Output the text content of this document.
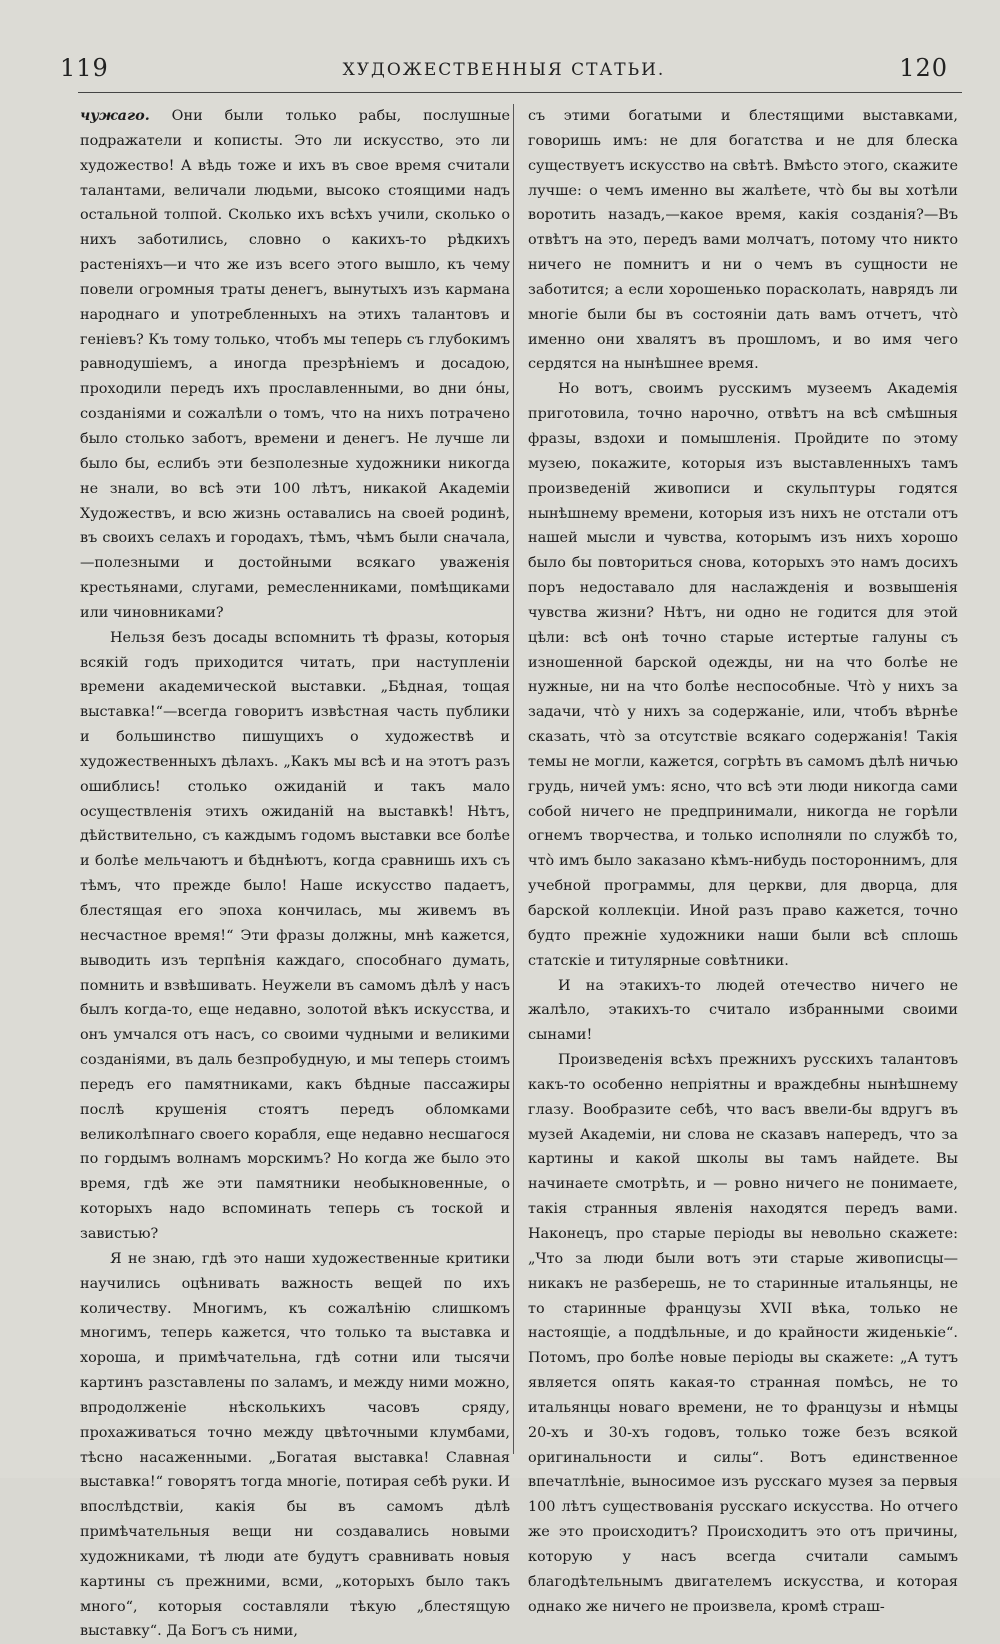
119	ХУДОЖЕСТВЕННЫЯ СТАТЬИ.	120

чужаго. Они были только рабы, послушные подражатели и кописты. Это ли искусство, это ли художество! А вѣдь тоже и ихъ въ свое время считали талантами, величали людьми, высоко стоящими надъ остальной толпой. Сколько ихъ всѣхъ учили, сколько о нихъ заботились, словно о какихъ-то рѣдкихъ растеніяхъ—и что же изъ всего этого вышло, къ чему повели огромныя траты денегъ, вынутыхъ изъ кармана народнаго и употребленныхъ на этихъ талантовъ и геніевъ? Къ тому только, чтобъ мы теперь съ глубокимъ равнодушіемъ, а иногда презрѣніемъ и досадою, проходили передъ ихъ прославленными, во дни óны, созданіями и сожалѣли о томъ, что на нихъ потрачено было столько заботъ, времени и денегъ. Не лучше ли было бы, еслибъ эти безполезные художники никогда не знали, во всѣ эти 100 лѣтъ, никакой Академіи Художествъ, и всю жизнь оставались на своей родинѣ, въ своихъ селахъ и городахъ, тѣмъ, чѣмъ были сначала,—полезными и достойными всякаго уваженія крестьянами, слугами, ремесленниками, помѣщиками или чиновниками?

Нельзя безъ досады вспомнить тѣ фразы, которыя всякій годъ приходится читать, при наступленіи времени академической выставки. „Бѣдная, тощая выставка!“—всегда говоритъ извѣстная часть публики и большинство пишущихъ о художествѣ и художественныхъ дѣлахъ. „Какъ мы всѣ и на этотъ разъ ошиблись! столько ожиданій и такъ мало осуществленія этихъ ожиданій на выставкѣ! Нѣтъ, дѣйствительно, съ каждымъ годомъ выставки все болѣе и болѣе мельчаютъ и бѣднѣютъ, когда сравнишь ихъ съ тѣмъ, что прежде было! Наше искусство падаетъ, блестящая его эпоха кончилась, мы живемъ въ несчастное время!“ Эти фразы должны, мнѣ кажется, выводить изъ терпѣнія каждаго, способнаго думать, помнить и взвѣшивать. Неужели въ самомъ дѣлѣ у насъ былъ когда-то, еще недавно, золотой вѣкъ искусства, и онъ умчался отъ насъ, со своими чудными и великими созданіями, въ даль безпробудную, и мы теперь стоимъ передъ его памятниками, какъ бѣдные пассажиры послѣ крушенія стоятъ передъ обломками великолѣпнаго своего корабля, еще недавно несшагося по гордымъ волнамъ морскимъ? Но когда же было это время, гдѣ же эти памятники необыкновенные, о которыхъ надо вспоминать теперь съ тоской и завистью?

Я не знаю, гдѣ это наши художественные критики научились оцѣнивать важность вещей по ихъ количеству. Многимъ, къ сожалѣнію слишкомъ многимъ, теперь кажется, что только та выставка и хороша, и примѣчательна, гдѣ сотни или тысячи картинъ разставлены по заламъ, и между ними можно, впродолженіе нѣсколькихъ часовъ сряду, прохаживаться точно между цвѣточными клумбами, тѣсно насаженными. „Богатая выставка! Славная выставка!“ говорятъ тогда многіе, потирая себѣ руки. И впослѣдствіи, какія бы въ самомъ дѣлѣ примѣчательныя вещи ни создавались новыми художниками, тѣ люди ате будутъ сравнивать новыя картины съ прежними, всми, „которыхъ было такъ много“, которыя составляли тѣкую „блестящую выставку“. Да Богъ съ ними,

съ этими богатыми и блестящими выставками, говоришь имъ: не для богатства и не для блеска существуетъ искусство на свѣтѣ. Вмѣсто этого, скажите лучше: о чемъ именно вы жалѣете, чтò бы вы хотѣли воротить назадъ,—какое время, какія созданія?—Въ отвѣтъ на это, передъ вами молчатъ, потому что никто ничего не помнитъ и ни о чемъ въ сущности не заботится; а если хорошенько порасколать, наврядъ ли многіе были бы въ состояніи дать вамъ отчетъ, чтò именно они хвалятъ въ прошломъ, и во имя чего сердятся на нынѣшнее время.

Но вотъ, своимъ русскимъ музеемъ Академія приготовила, точно нарочно, отвѣтъ на всѣ смѣшныя фразы, вздохи и помышленія. Пройдите по этому музею, покажите, которыя изъ выставленныхъ тамъ произведеній живописи и скульптуры годятся нынѣшнему времени, которыя изъ нихъ не отстали отъ нашей мысли и чувства, которымъ изъ нихъ хорошо было бы повториться снова, которыхъ это намъ досихъ поръ недоставало для наслажденія и возвышенія чувства жизни? Нѣтъ, ни одно не годится для этой цѣли: всѣ онѣ точно старые истертые галуны съ изношенной барской одежды, ни на что болѣе не нужные, ни на что болѣе неспособные. Чтò у нихъ за задачи, чтò у нихъ за содержаніе, или, чтобъ вѣрнѣе сказать, чтò за отсутствіе всякаго содержанія! Такія темы не могли, кажется, согрѣть въ самомъ дѣлѣ ничью грудь, ничей умъ: ясно, что всѣ эти люди никогда сами собой ничего не предпринимали, никогда не горѣли огнемъ творчества, и только исполняли по службѣ то, чтò имъ было заказано кѣмъ-нибудь постороннимъ, для учебной программы, для церкви, для дворца, для барской коллекціи. Иной разъ право кажется, точно будто прежніе художники наши были всѣ сплошь статскіе и титулярные совѣтники.

И на этакихъ-то людей отечество ничего не жалѣло, этакихъ-то считало избранными своими сынами!

Произведенія всѣхъ прежнихъ русскихъ талантовъ какъ-то особенно непріятны и враждебны нынѣшнему глазу. Вообразите себѣ, что васъ ввели-бы вдругъ въ музей Академіи, ни слова не сказавъ напередъ, что за картины и какой школы вы тамъ найдете. Вы начинаете смотрѣть, и — ровно ничего не понимаете, такія странныя явленія находятся передъ вами. Наконецъ, про старые періоды вы невольно скажете: „Что за люди были вотъ эти старые живописцы—никакъ не разберешь, не то старинные итальянцы, не то старинные французы XVII вѣка, только не настоящіе, а поддѣльные, и до крайности жиденькіе“. Потомъ, про болѣе новые періоды вы скажете: „А тутъ является опять какая-то странная помѣсь, не то итальянцы новаго времени, не то французы и нѣмцы 20-хъ и 30-хъ годовъ, только тоже безъ всякой оригинальности и силы“. Вотъ единственное впечатлѣніе, выносимое изъ русскаго музея за первыя 100 лѣтъ существованія русскаго искусства. Но отчего же это происходитъ? Происходитъ это отъ причины, которую у насъ всегда считали самымъ благодѣтельнымъ двигателемъ искусства, и которая однако же ничего не произвела, кромѣ страш-
